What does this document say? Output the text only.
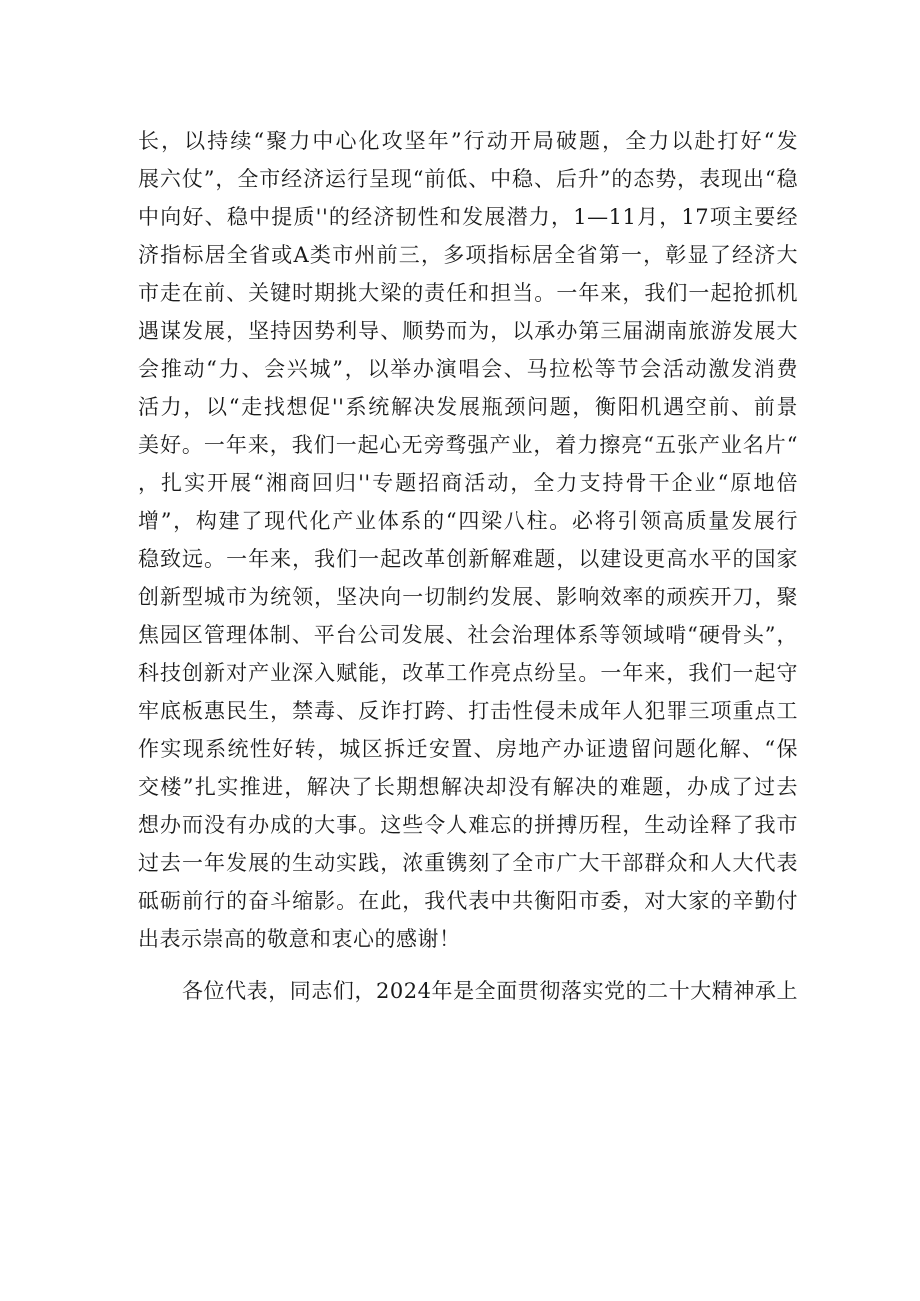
长，以持续“聚力中心化攻坚年”行动开局破题，全力以赴打好“发
展六仗”，全市经济运行呈现“前低、中稳、后升”的态势，表现出“稳
中向好、稳中提质''的经济韧性和发展潜力，1—11月，17项主要经
济指标居全省或A类市州前三，多项指标居全省第一，彰显了经济大
市走在前、关键时期挑大梁的责任和担当。一年来，我们一起抢抓机
遇谋发展，坚持因势利导、顺势而为，以承办第三届湖南旅游发展大
会推动“力、会兴城”，以举办演唱会、马拉松等节会活动激发消费
活力，以“走找想促''系统解决发展瓶颈问题，衡阳机遇空前、前景
美好。一年来，我们一起心无旁骛强产业，着力擦亮“五张产业名片“
，扎实开展“湘商回归''专题招商活动，全力支持骨干企业“原地倍
增”，构建了现代化产业体系的“四梁八柱。必将引领高质量发展行
稳致远。一年来，我们一起改革创新解难题，以建设更高水平的国家
创新型城市为统领，坚决向一切制约发展、影响效率的顽疾开刀，聚
焦园区管理体制、平台公司发展、社会治理体系等领域啃“硬骨头”，
科技创新对产业深入赋能，改革工作亮点纷呈。一年来，我们一起守
牢底板惠民生，禁毒、反诈打跨、打击性侵未成年人犯罪三项重点工
作实现系统性好转，城区拆迁安置、房地产办证遗留问题化解、“保
交楼”扎实推进，解决了长期想解决却没有解决的难题，办成了过去
想办而没有办成的大事。这些令人难忘的拼搏历程，生动诠释了我市
过去一年发展的生动实践，浓重镌刻了全市广大干部群众和人大代表
砥砺前行的奋斗缩影。在此，我代表中共衡阳市委，对大家的辛勤付
出表示崇高的敬意和衷心的感谢！
各位代表，同志们，2024年是全面贯彻落实党的二十大精神承上
